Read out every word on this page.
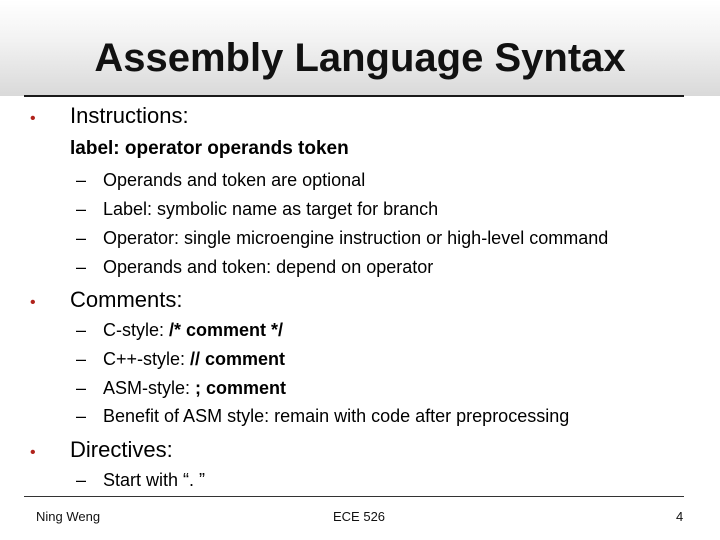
Assembly Language Syntax
•	Instructions:
label: operator operands token
– Operands and token are optional
– Label: symbolic name as target for branch
– Operator: single microengine instruction or high-level command
– Operands and token: depend on operator
•	Comments:
– C-style: /* comment */
– C++-style: // comment
– ASM-style: ; comment
– Benefit of ASM style: remain with code after preprocessing
•	Directives:
– Start with “. ”
Ning Weng	ECE 526	4
